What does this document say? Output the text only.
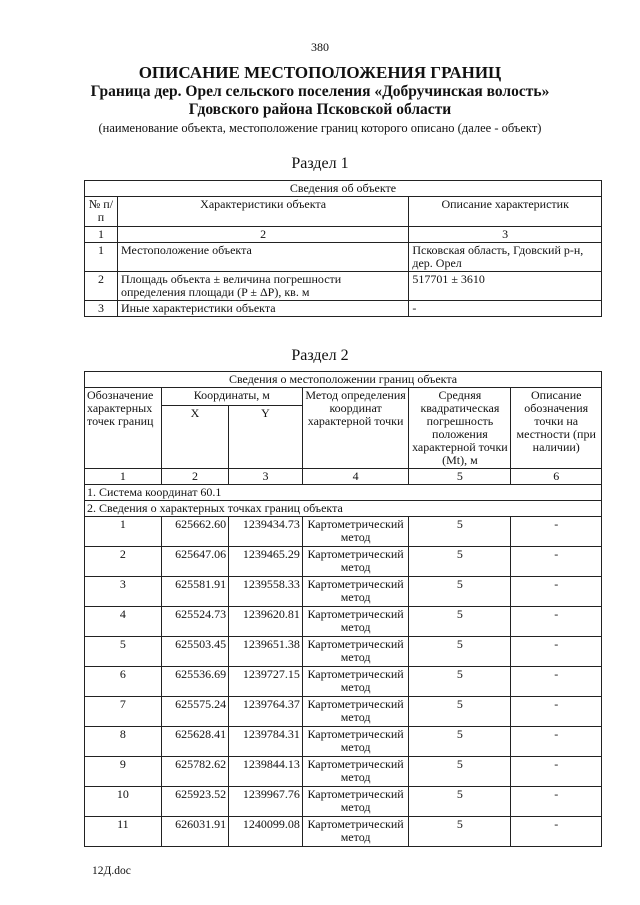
380
ОПИСАНИЕ МЕСТОПОЛОЖЕНИЯ ГРАНИЦ
Граница дер. Орел сельского поселения «Добручинская волость»
Гдовского района Псковской области
(наименование объекта, местоположение границ которого описано (далее - объект)
Раздел 1
Сведения об объекте		
№ п/п	Характеристики объекта	Описание характеристик
1	2	3
1	Местоположение объекта	Псковская область, Гдовский р-н, дер. Орел
2	Площадь объекта ± величина погрешности определения площади (P ± ΔP), кв. м	517701 ± 3610
3	Иные характеристики объекта	-
Раздел 2
Сведения о местоположении границ объекта					
Обозначение характерных точек границ	Координаты, м		Метод определения координат характерной точки	Средняя квадратическая погрешность положения характерной точки (Mt), м	Описание обозначения точки на местности (при наличии)
	X	Y			
1	2	3	4	5	6
1. Система координат 60.1					
2. Сведения о характерных точках границ объекта					
1	625662.60	1239434.73	Картометрический метод	5	-
2	625647.06	1239465.29	Картометрический метод	5	-
3	625581.91	1239558.33	Картометрический метод	5	-
4	625524.73	1239620.81	Картометрический метод	5	-
5	625503.45	1239651.38	Картометрический метод	5	-
6	625536.69	1239727.15	Картометрический метод	5	-
7	625575.24	1239764.37	Картометрический метод	5	-
8	625628.41	1239784.31	Картометрический метод	5	-
9	625782.62	1239844.13	Картометрический метод	5	-
10	625923.52	1239967.76	Картометрический метод	5	-
11	626031.91	1240099.08	Картометрический метод	5	-
12Д.doc
